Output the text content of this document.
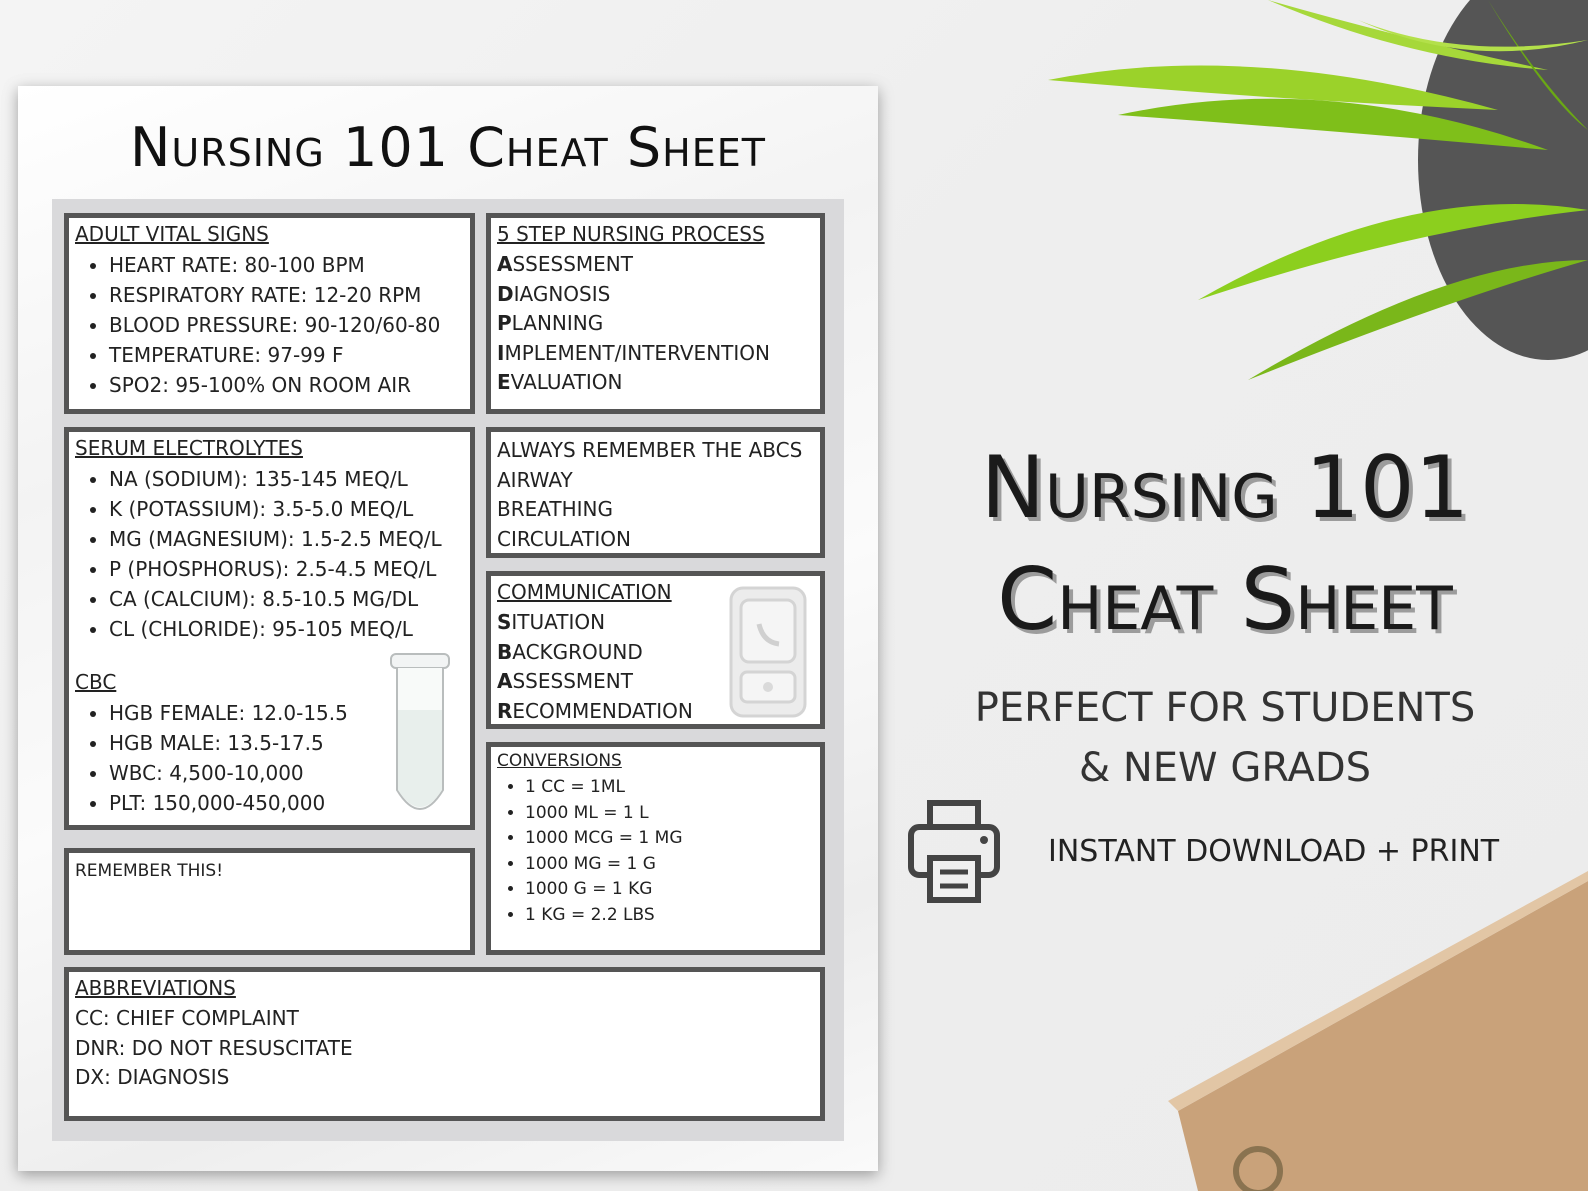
Nursing 101 Cheat Sheet
ADULT VITAL SIGNS
• HEART RATE: 80-100 BPM
• RESPIRATORY RATE: 12-20 RPM
• BLOOD PRESSURE: 90-120/60-80
• TEMPERATURE: 97-99 F
• SPO2: 95-100% ON ROOM AIR
5 STEP NURSING PROCESS
ASSESSMENT
DIAGNOSIS
PLANNING
IMPLEMENT/INTERVENTION
EVALUATION
SERUM ELECTROLYTES
• NA (SODIUM): 135-145 MEQ/L
• K (POTASSIUM): 3.5-5.0 MEQ/L
• MG (MAGNESIUM): 1.5-2.5 MEQ/L
• P (PHOSPHORUS): 2.5-4.5 MEQ/L
• CA (CALCIUM): 8.5-10.5 MG/DL
• CL (CHLORIDE): 95-105 MEQ/L
CBC
• HGB FEMALE: 12.0-15.5
• HGB MALE: 13.5-17.5
• WBC: 4,500-10,000
• PLT: 150,000-450,000
ALWAYS REMEMBER THE ABCS
AIRWAY
BREATHING
CIRCULATION
COMMUNICATION
SITUATION
BACKGROUND
ASSESSMENT
RECOMMENDATION
CONVERSIONS
• 1 CC = 1ML
• 1000 ML = 1 L
• 1000 MCG = 1 MG
• 1000 MG = 1 G
• 1000 G = 1 KG
• 1 KG = 2.2 LBS
REMEMBER THIS!
ABBREVIATIONS
CC: CHIEF COMPLAINT
DNR: DO NOT RESUSCITATE
DX: DIAGNOSIS
Nursing 101
Cheat Sheet
PERFECT FOR STUDENTS
& NEW GRADS
INSTANT DOWNLOAD + PRINT
